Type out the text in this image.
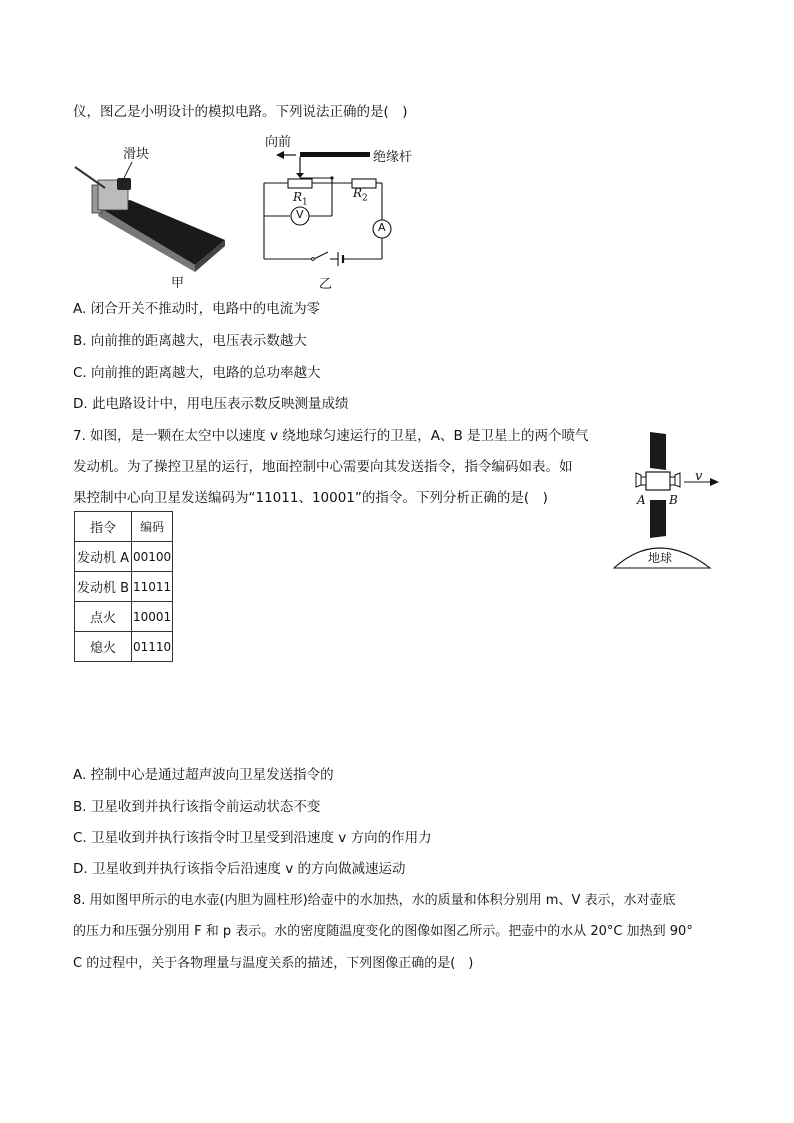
仪，图乙是小明设计的模拟电路。下列说法正确的是(　)
滑块
甲
向前
绝缘杆
$R_1$
$R_2$
V
A
乙
A. 闭合开关不推动时，电路中的电流为零
B. 向前推的距离越大，电压表示数越大
C. 向前推的距离越大，电路的总功率越大
D. 此电路设计中，用电压表示数反映测量成绩
7. 如图，是一颗在太空中以速度 v 绕地球匀速运行的卫星，A、B 是卫星上的两个喷气
发动机。为了操控卫星的运行，地面控制中心需要向其发送指令，指令编码如表。如
果控制中心向卫星发送编码为“11011、10001”的指令。下列分析正确的是(　)
指令	编码
发动机 A	00100
发动机 B	11011
点火	10001
熄火	01110
v
A B
地球
A. 控制中心是通过超声波向卫星发送指令的
B. 卫星收到并执行该指令前运动状态不变
C. 卫星收到并执行该指令时卫星受到沿速度 v 方向的作用力
D. 卫星收到并执行该指令后沿速度 v 的方向做减速运动
8. 用如图甲所示的电水壶(内胆为圆柱形)给壶中的水加热，水的质量和体积分别用 m、V 表示，水对壶底
的压力和压强分别用 F 和 p 表示。水的密度随温度变化的图像如图乙所示。把壶中的水从 20°C 加热到 90°
C 的过程中，关于各物理量与温度关系的描述，下列图像正确的是(　)
